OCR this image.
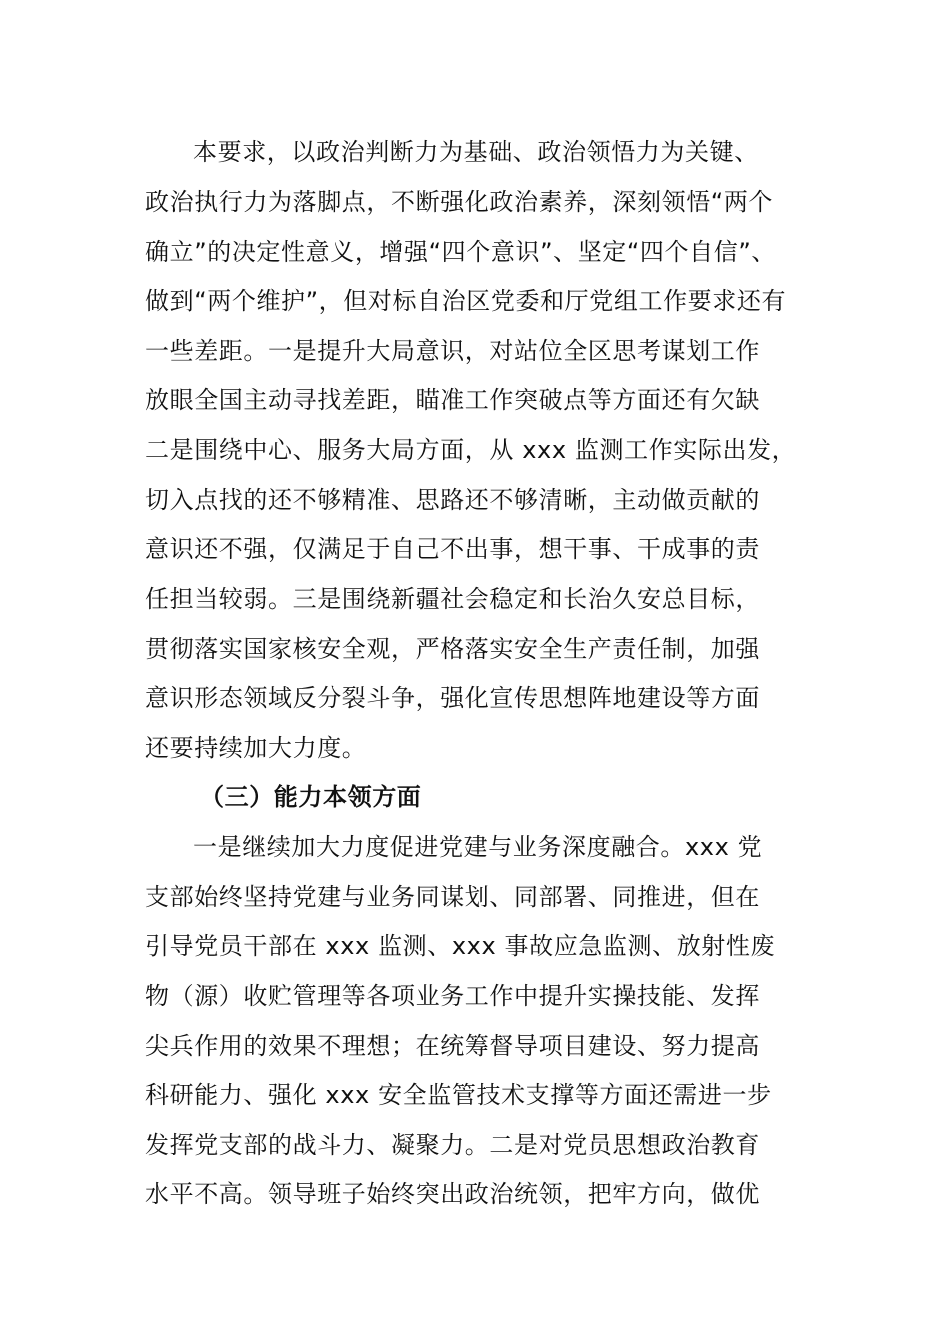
本要求，以政治判断力为基础、政治领悟力为关键、
政治执行力为落脚点，不断强化政治素养，深刻领悟“两个
确立”的决定性意义，增强“四个意识”、坚定“四个自信”、
做到“两个维护”，但对标自治区党委和厅党组工作要求还有
一些差距。一是提升大局意识，对站位全区思考谋划工作
放眼全国主动寻找差距，瞄准工作突破点等方面还有欠缺
二是围绕中心、服务大局方面，从 xxx 监测工作实际出发，
切入点找的还不够精准、思路还不够清晰，主动做贡献的
意识还不强，仅满足于自己不出事，想干事、干成事的责
任担当较弱。三是围绕新疆社会稳定和长治久安总目标，
贯彻落实国家核安全观，严格落实安全生产责任制，加强
意识形态领域反分裂斗争，强化宣传思想阵地建设等方面
还要持续加大力度。
（三）能力本领方面
一是继续加大力度促进党建与业务深度融合。xxx 党
支部始终坚持党建与业务同谋划、同部署、同推进，但在
引导党员干部在 xxx 监测、xxx 事故应急监测、放射性废
物（源）收贮管理等各项业务工作中提升实操技能、发挥
尖兵作用的效果不理想；在统筹督导项目建设、努力提高
科研能力、强化 xxx 安全监管技术支撑等方面还需进一步
发挥党支部的战斗力、凝聚力。二是对党员思想政治教育
水平不高。领导班子始终突出政治统领，把牢方向，做优
